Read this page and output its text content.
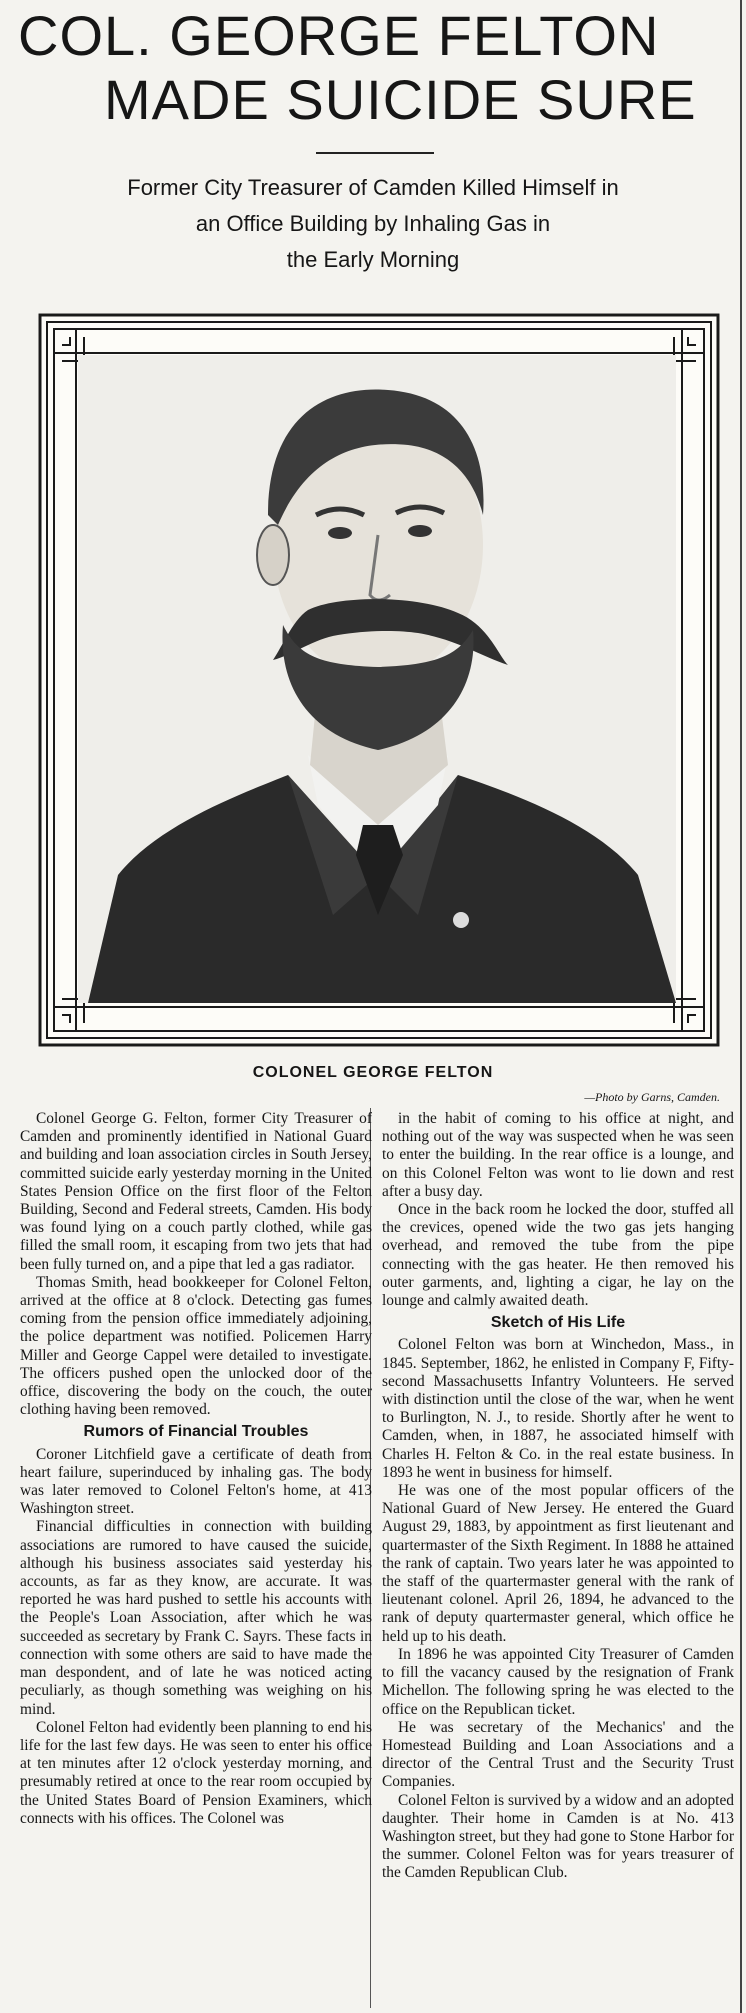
COL. GEORGE FELTON
MADE SUICIDE SURE
Former City Treasurer of Camden Killed Himself in
an Office Building by Inhaling Gas in
the Early Morning
COLONEL GEORGE FELTON
—Photo by Garns, Camden.

Colonel George G. Felton, former City Treasurer of Camden and prominently identified in National Guard and building and loan association circles in South Jersey, committed suicide early yesterday morning in the United States Pension Office on the first floor of the Felton Building, Second and Federal streets, Camden. His body was found lying on a couch partly clothed, while gas filled the small room, it escaping from two jets that had been fully turned on, and a pipe that led a gas radiator.

Thomas Smith, head bookkeeper for Colonel Felton, arrived at the office at 8 o'clock. Detecting gas fumes coming from the pension office immediately adjoining, the police department was notified. Policemen Harry Miller and George Cappel were detailed to investigate. The officers pushed open the unlocked door of the office, discovering the body on the couch, the outer clothing having been removed.

Rumors of Financial Troubles

Coroner Litchfield gave a certificate of death from heart failure, superinduced by inhaling gas. The body was later removed to Colonel Felton's home, at 413 Washington street.

Financial difficulties in connection with building associations are rumored to have caused the suicide, although his business associates said yesterday his accounts, as far as they know, are accurate. It was reported he was hard pushed to settle his accounts with the People's Loan Association, after which he was succeeded as secretary by Frank C. Sayrs. These facts in connection with some others are said to have made the man despondent, and of late he was noticed acting peculiarly, as though something was weighing on his mind.

Colonel Felton had evidently been planning to end his life for the last few days. He was seen to enter his office at ten minutes after 12 o'clock yesterday morning, and presumably retired at once to the rear room occupied by the United States Board of Pension Examiners, which connects with his offices. The Colonel was

in the habit of coming to his office at night, and nothing out of the way was suspected when he was seen to enter the building. In the rear office is a lounge, and on this Colonel Felton was wont to lie down and rest after a busy day.

Once in the back room he locked the door, stuffed all the crevices, opened wide the two gas jets hanging overhead, and removed the tube from the pipe connecting with the gas heater. He then removed his outer garments, and, lighting a cigar, he lay on the lounge and calmly awaited death.

Sketch of His Life

Colonel Felton was born at Winchedon, Mass., in 1845. September, 1862, he enlisted in Company F, Fifty-second Massachusetts Infantry Volunteers. He served with distinction until the close of the war, when he went to Burlington, N. J., to reside. Shortly after he went to Camden, when, in 1887, he associated himself with Charles H. Felton & Co. in the real estate business. In 1893 he went in business for himself.

He was one of the most popular officers of the National Guard of New Jersey. He entered the Guard August 29, 1883, by appointment as first lieutenant and quartermaster of the Sixth Regiment. In 1888 he attained the rank of captain. Two years later he was appointed to the staff of the quartermaster general with the rank of lieutenant colonel. April 26, 1894, he advanced to the rank of deputy quartermaster general, which office he held up to his death.

In 1896 he was appointed City Treasurer of Camden to fill the vacancy caused by the resignation of Frank Michellon. The following spring he was elected to the office on the Republican ticket.

He was secretary of the Mechanics' and the Homestead Building and Loan Associations and a director of the Central Trust and the Security Trust Companies.

Colonel Felton is survived by a widow and an adopted daughter. Their home in Camden is at No. 413 Washington street, but they had gone to Stone Harbor for the summer. Colonel Felton was for years treasurer of the Camden Republican Club.
